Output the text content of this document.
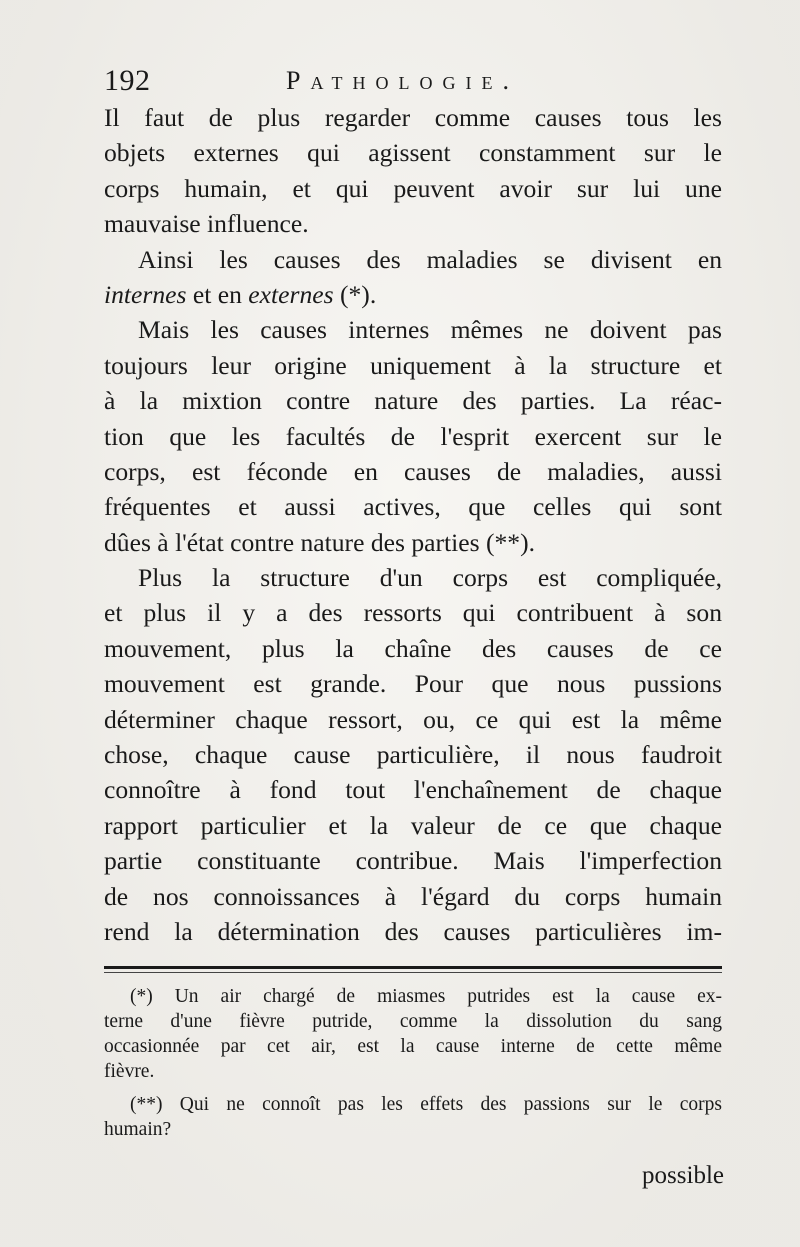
192	Pathologie.
Il faut de plus regarder comme causes tous les
objets externes qui agissent constamment sur le
corps humain, et qui peuvent avoir sur lui une
mauvaise influence.
Ainsi les causes des maladies se divisent en
internes et en externes (*).
Mais les causes internes mêmes ne doivent pas
toujours leur origine uniquement à la structure et
à la mixtion contre nature des parties. La réac-
tion que les facultés de l'esprit exercent sur le
corps, est féconde en causes de maladies, aussi
fréquentes et aussi actives, que celles qui sont
dûes à l'état contre nature des parties (**).
Plus la structure d'un corps est compliquée,
et plus il y a des ressorts qui contribuent à son
mouvement, plus la chaîne des causes de ce
mouvement est grande. Pour que nous pussions
déterminer chaque ressort, ou, ce qui est la même
chose, chaque cause particulière, il nous faudroit
connoître à fond tout l'enchaînement de chaque
rapport particulier et la valeur de ce que chaque
partie constituante contribue. Mais l'imperfection
de nos connoissances à l'égard du corps humain
rend la détermination des causes particulières im-
(*) Un air chargé de miasmes putrides est la cause ex-
terne d'une fièvre putride, comme la dissolution du sang
occasionnée par cet air, est la cause interne de cette même
fièvre.
(**) Qui ne connoît pas les effets des passions sur le corps
humain?
possible
